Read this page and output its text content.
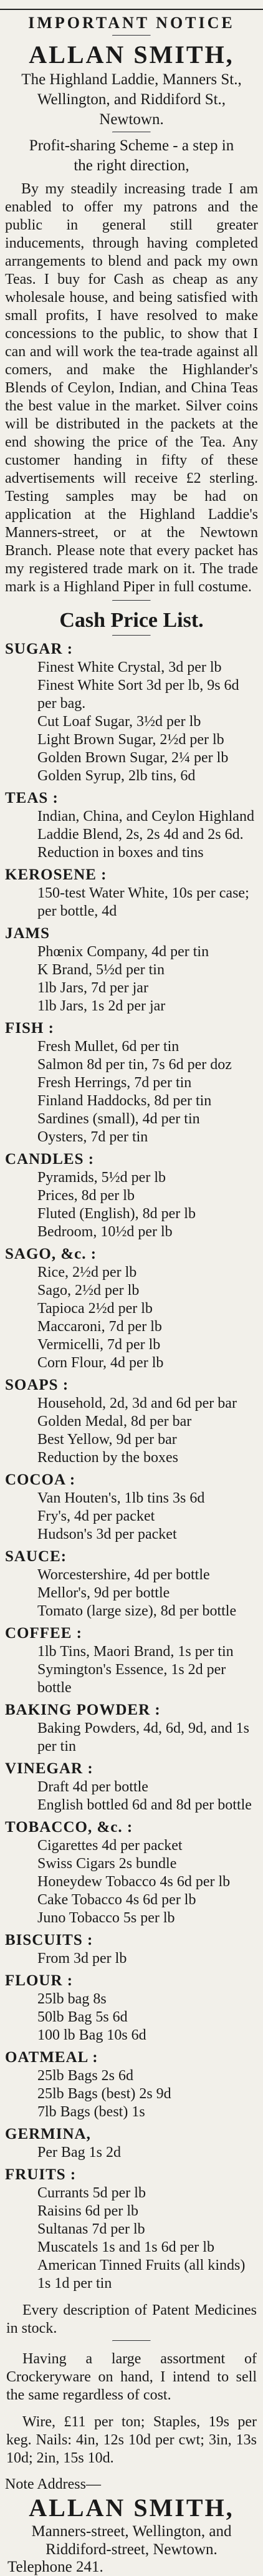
IMPORTANT NOTICE
ALLAN SMITH,
The Highland Laddie, Manners St.,
Wellington, and Riddiford St.,
Newtown.
Profit-sharing Scheme - a step in
the right direction,
By my steadily increasing trade I am enabled to offer my patrons and the public in general still greater inducements, through having completed arrangements to blend and pack my own Teas. I buy for Cash as cheap as any wholesale house, and being satisfied with small profits, I have resolved to make concessions to the public, to show that I can and will work the tea-trade against all comers, and make the Highlander's Blends of Ceylon, Indian, and China Teas the best value in the market. Silver coins will be distributed in the packets at the end showing the price of the Tea. Any customer handing in fifty of these advertisements will receive £2 sterling. Testing samples may be had on application at the Highland Laddie's Manners-street, or at the Newtown Branch. Please note that every packet has my registered trade mark on it. The trade mark is a Highland Piper in full costume.
Cash Price List.
SUGAR :
Finest White Crystal, 3d per lb
Finest White Sort 3d per lb, 9s 6d per bag.
Cut Loaf Sugar, 3½d per lb
Light Brown Sugar, 2½d per lb
Golden Brown Sugar, 2¼ per lb
Golden Syrup, 2lb tins, 6d
TEAS :
Indian, China, and Ceylon Highland Laddie Blend, 2s, 2s 4d and 2s 6d. Reduction in boxes and tins
KEROSENE :
150-test Water White, 10s per case; per bottle, 4d
JAMS
Phœnix Company, 4d per tin
K Brand, 5½d per tin
1lb Jars, 7d per jar
1lb Jars, 1s 2d per jar
FISH :
Fresh Mullet, 6d per tin
Salmon 8d per tin, 7s 6d per doz
Fresh Herrings, 7d per tin
Finland Haddocks, 8d per tin
Sardines (small), 4d per tin
Oysters, 7d per tin
CANDLES :
Pyramids, 5½d per lb
Prices, 8d per lb
Fluted (English), 8d per lb
Bedroom, 10½d per lb
SAGO, &c. :
Rice, 2½d per lb
Sago, 2½d per lb
Tapioca 2½d per lb
Maccaroni, 7d per lb
Vermicelli, 7d per lb
Corn Flour, 4d per lb
SOAPS :
Household, 2d, 3d and 6d per bar
Golden Medal, 8d per bar
Best Yellow, 9d per bar
Reduction by the boxes
COCOA :
Van Houten's, 1lb tins 3s 6d
Fry's, 4d per packet
Hudson's 3d per packet
SAUCE:
Worcestershire, 4d per bottle
Mellor's, 9d per bottle
Tomato (large size), 8d per bottle
COFFEE :
1lb Tins, Maori Brand, 1s per tin
Symington's Essence, 1s 2d per bottle
BAKING POWDER :
Baking Powders, 4d, 6d, 9d, and 1s per tin
VINEGAR :
Draft 4d per bottle
English bottled 6d and 8d per bottle
TOBACCO, &c. :
Cigarettes 4d per packet
Swiss Cigars 2s bundle
Honeydew Tobacco 4s 6d per lb
Cake Tobacco 4s 6d per lb
Juno Tobacco 5s per lb
BISCUITS :
From 3d per lb
FLOUR :
25lb bag 8s
50lb Bag 5s 6d
100 lb Bag 10s 6d
OATMEAL :
25lb Bags 2s 6d
25lb Bags (best) 2s 9d
7lb Bags (best) 1s
GERMINA,
Per Bag 1s 2d
FRUITS :
Currants 5d per lb
Raisins 6d per lb
Sultanas 7d per lb
Muscatels 1s and 1s 6d per lb
American Tinned Fruits (all kinds) 1s 1d per tin
Every description of Patent Medicines in stock.
Having a large assortment of Crockeryware on hand, I intend to sell the same regardless of cost.
Wire, £11 per ton; Staples, 19s per keg. Nails: 4in, 12s 10d per cwt; 3in, 13s 10d; 2in, 15s 10d.
Note Address—
ALLAN SMITH,
Manners-street, Wellington, and
Riddiford-street, Newtown.
Telephone 241.
